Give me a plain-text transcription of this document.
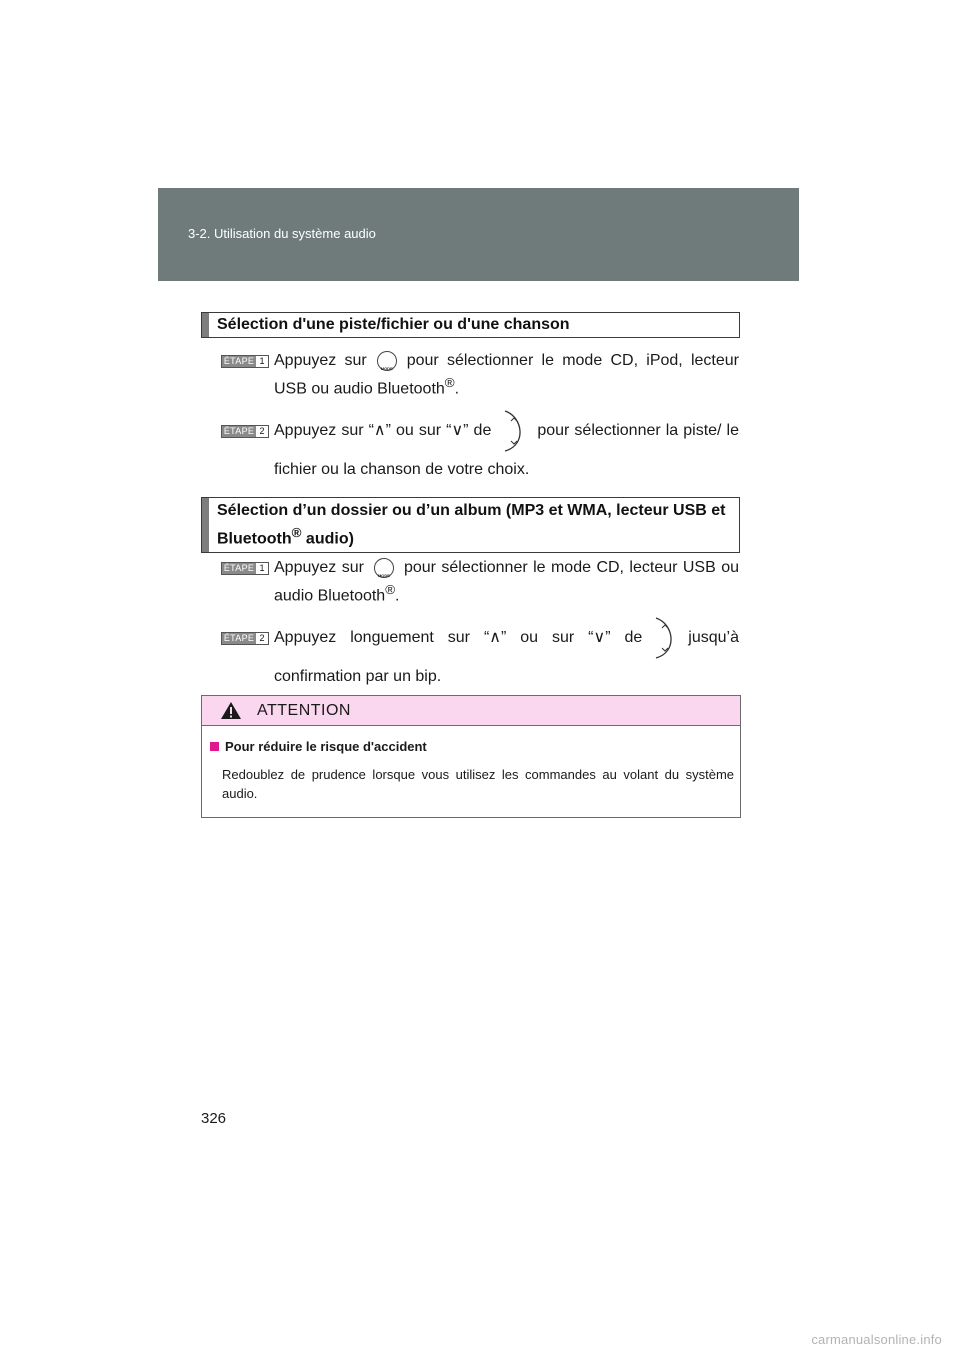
3-2. Utilisation du système audio
Sélection d'une piste/fichier ou d'une chanson
ÉTAPE 1 Appuyez sur	MODE pour sélectionner le mode CD, iPod, lecteur USB ou audio Bluetooth®.
ÉTAPE 2 Appuyez sur “∧” ou sur “∨” de	pour sélectionner la piste/ le fichier ou la chanson de votre choix.
Sélection d’un dossier ou d’un album (MP3 et WMA, lecteur USB et Bluetooth® audio)
ÉTAPE 1 Appuyez sur	MODE pour sélectionner le mode CD, lecteur USB ou audio Bluetooth®.
ÉTAPE 2 Appuyez longuement sur “∧” ou sur “∨” de	jusqu’à confirmation par un bip.
ATTENTION
Pour réduire le risque d'accident
Redoublez de prudence lorsque vous utilisez les commandes au volant du système audio.
326
carmanualsonline.info
